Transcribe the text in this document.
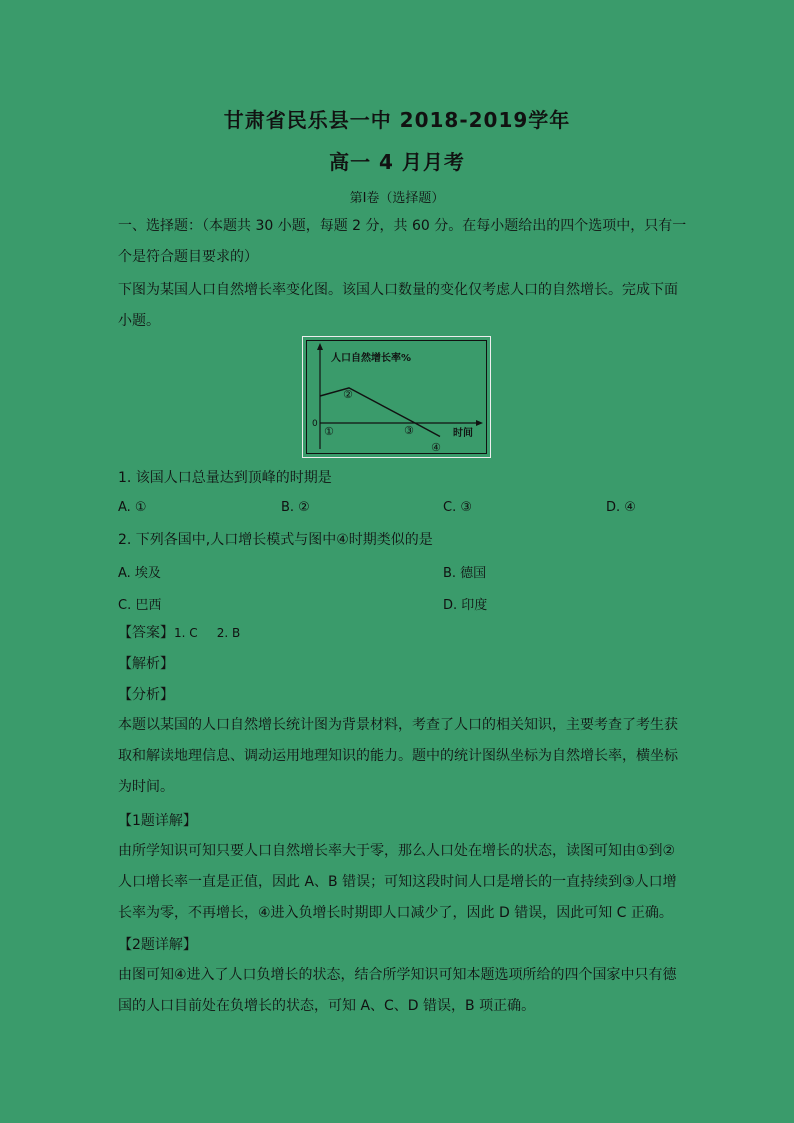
甘肃省民乐县一中 2018-2019学年
高一 4 月月考
第Ⅰ卷（选择题）
一、选择题：（本题共 30 小题，每题 2 分，共 60 分。在每小题给出的四个选项中，只有一
个是符合题目要求的）
下图为某国人口自然增长率变化图。该国人口数量的变化仅考虑人口的自然增长。完成下面
小题。
人口自然增长率%
0
时间
①
②
③
④
1. 该国人口总量达到顶峰的时期是
A. ①	B. ②	C. ③	D. ④
2. 下列各国中,人口增长模式与图中④时期类似的是
A. 埃及	B. 德国
C. 巴西	D. 印度
【答案】1. C     2. B
【解析】
【分析】
本题以某国的人口自然增长统计图为背景材料，考查了人口的相关知识，主要考查了考生获取和解读地理信息、调动运用地理知识的能力。题中的统计图纵坐标为自然增长率，横坐标为时间。
【1题详解】
由所学知识可知只要人口自然增长率大于零，那么人口处在增长的状态，读图可知由①到②人口增长率一直是正值，因此 A、B 错误；可知这段时间人口是增长的一直持续到③人口增长率为零，不再增长，④进入负增长时期即人口减少了，因此 D 错误，因此可知 C 正确。
【2题详解】
由图可知④进入了人口负增长的状态，结合所学知识可知本题选项所给的四个国家中只有德国的人口目前处在负增长的状态，可知 A、C、D 错误，B 项正确。
